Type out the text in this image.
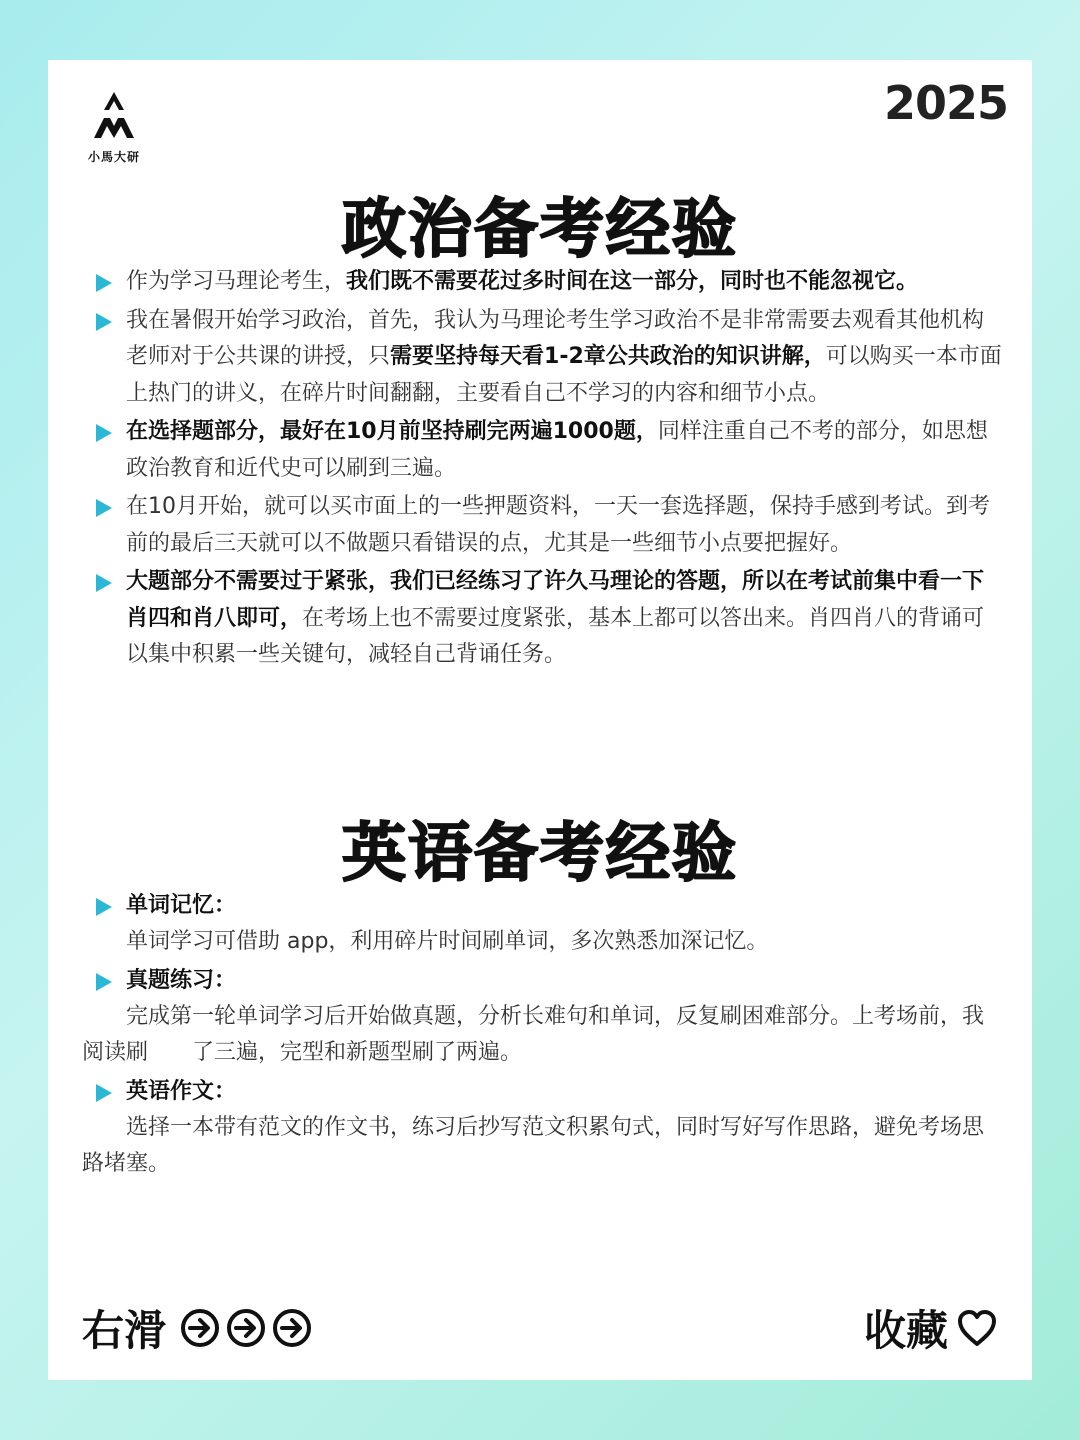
小馬大研
2025
政治备考经验
作为学习马理论考生，我们既不需要花过多时间在这一部分，同时也不能忽视它。
我在暑假开始学习政治，首先，我认为马理论考生学习政治不是非常需要去观看其他机构老师对于公共课的讲授，只需要坚持每天看1-2章公共政治的知识讲解，可以购买一本市面上热门的讲义，在碎片时间翻翻，主要看自己不学习的内容和细节小点。
在选择题部分，最好在10月前坚持刷完两遍1000题，同样注重自己不考的部分，如思想政治教育和近代史可以刷到三遍。
在10月开始，就可以买市面上的一些押题资料，一天一套选择题，保持手感到考试。到考前的最后三天就可以不做题只看错误的点，尤其是一些细节小点要把握好。
大题部分不需要过于紧张，我们已经练习了许久马理论的答题，所以在考试前集中看一下肖四和肖八即可，在考场上也不需要过度紧张，基本上都可以答出来。肖四肖八的背诵可以集中积累一些关键句，减轻自己背诵任务。
英语备考经验
单词记忆：
单词学习可借助 app，利用碎片时间刷单词，多次熟悉加深记忆。
真题练习：
完成第一轮单词学习后开始做真题，分析长难句和单词，反复刷困难部分。上考场前，我阅读刷　　了三遍，完型和新题型刷了两遍。
英语作文：
选择一本带有范文的作文书，练习后抄写范文积累句式，同时写好写作思路，避免考场思路堵塞。
右滑	收藏
